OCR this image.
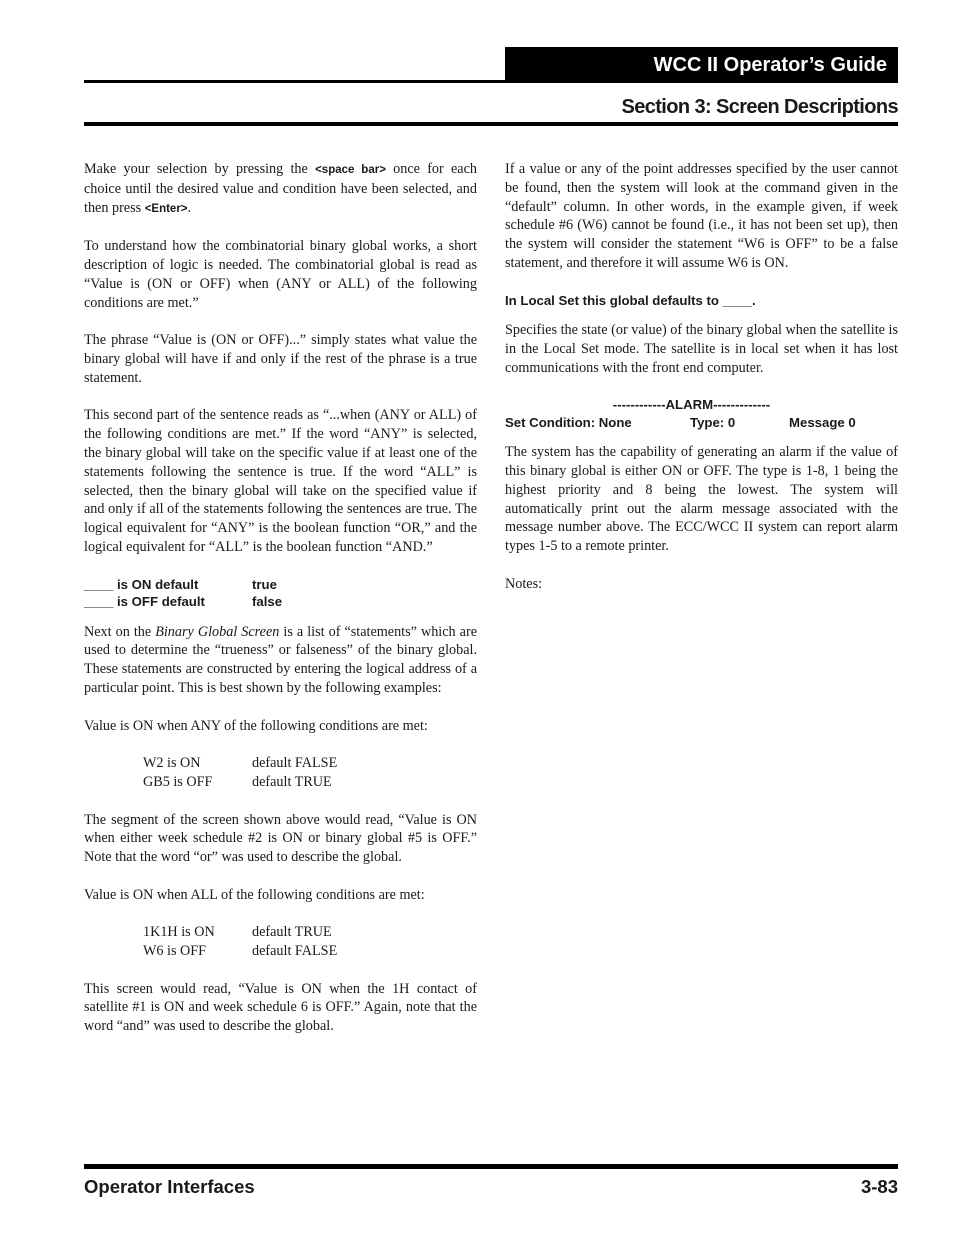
WCC II Operator’s Guide
Section 3: Screen Descriptions

Make your selection by pressing the <space bar> once for each choice until the desired value and condition have been selected, and then press <Enter>.

To understand how the combinatorial binary global works, a short description of logic is needed. The combinatorial global is read as “Value is (ON or OFF) when (ANY or ALL) of the following conditions are met.”

The phrase “Value is (ON or OFF)...” simply states what value the binary global will have if and only if the rest of the phrase is a true statement.

This second part of the sentence reads as “...when (ANY or ALL) of the following conditions are met.” If the word “ANY” is selected, the binary global will take on the specific value if at least one of the statements following the sentence is true. If the word “ALL” is selected, then the binary global will take on the specified value if and only if all of the statements following the sentences are true. The logical equivalent for “ANY” is the boolean function “OR,” and the logical equivalent for “ALL” is the boolean function “AND.”

____ is ON default	true
____ is OFF default	false

Next on the Binary Global Screen is a list of “statements” which are used to determine the “trueness” or falseness” of the binary global. These statements are constructed by entering the logical address of a particular point. This is best shown by the following examples:

Value is ON when ANY of the following conditions are met:

W2 is ON	default FALSE
GB5 is OFF	default TRUE

The segment of the screen shown above would read, “Value is ON when either week schedule #2 is ON or binary global #5 is OFF.” Note that the word “or” was used to describe the global.

Value is ON when ALL of the following conditions are met:

1K1H is ON	default TRUE
W6 is OFF	default FALSE

This screen would read, “Value is ON when the 1H contact of satellite #1 is ON and week schedule 6 is OFF.” Again, note that the word “and” was used to describe the global.

If a value or any of the point addresses specified by the user cannot be found, then the system will look at the command given in the “default” column. In other words, in the example given, if week schedule #6 (W6) cannot be found (i.e., it has not been set up), then the system will consider the statement “W6 is OFF” to be a false statement, and therefore it will assume W6 is ON.

In Local Set this global defaults to ____.

Specifies the state (or value) of the binary global when the satellite is in the Local Set mode. The satellite is in local set when it has lost communications with the front end computer.

------------ALARM-------------
Set Condition: None	Type: 0	Message 0

The system has the capability of generating an alarm if the value of this binary global is either ON or OFF. The type is 1-8, 1 being the highest priority and 8 being the lowest. The system will automatically print out the alarm message associated with the message number above. The ECC/WCC II system can report alarm types 1-5 to a remote printer.

Notes:

Operator Interfaces	3-83
